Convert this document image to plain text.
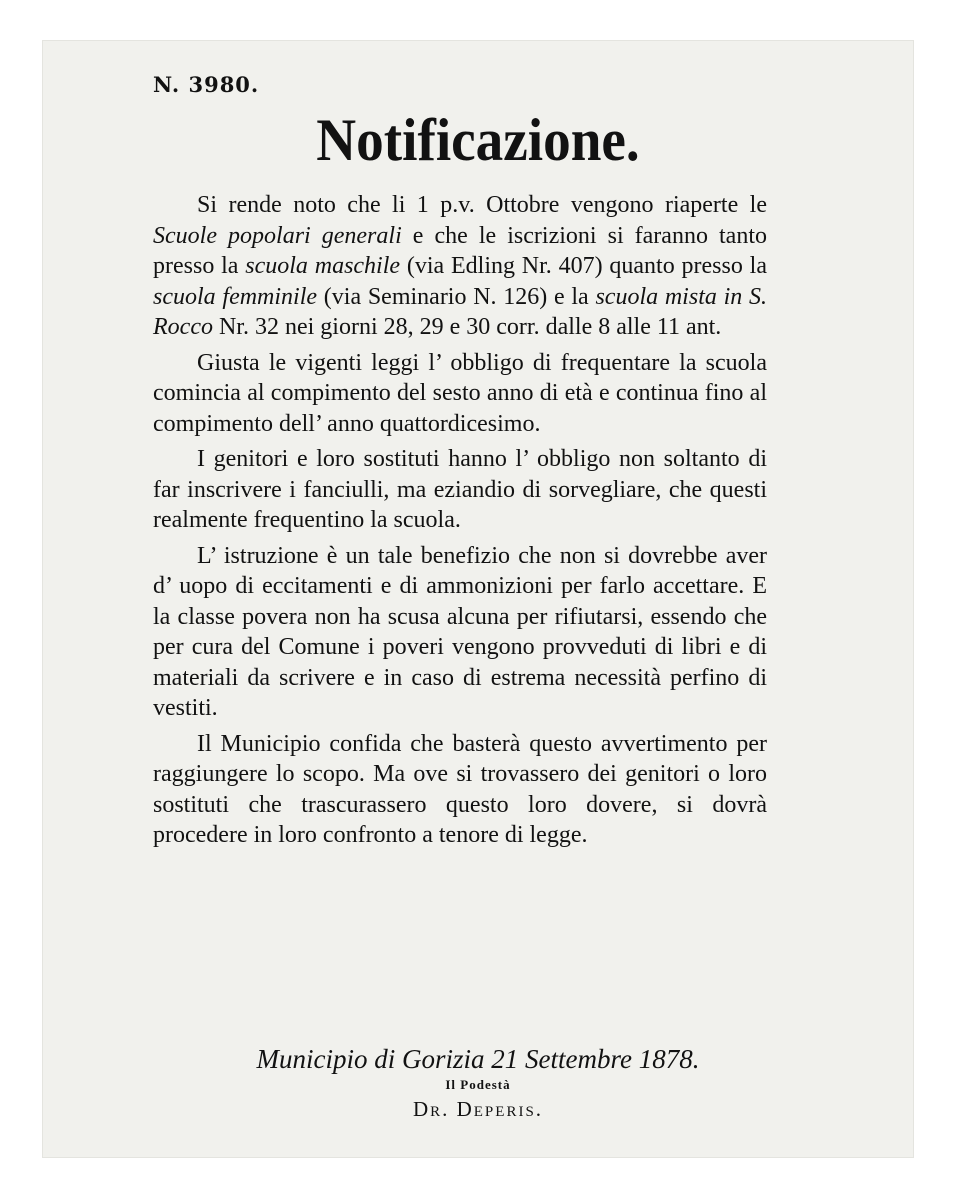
N. 3980.
Notificazione.

Si rende noto che li 1 p.v. Ottobre vengono riaperte le Scuole popolari generali e che le iscrizioni si faranno tanto presso la scuola maschile (via Edling Nr. 407) quanto presso la scuola femminile (via Seminario N. 126) e la scuola mista in S. Rocco Nr. 32 nei giorni 28, 29 e 30 corr. dalle 8 alle 11 ant.

Giusta le vigenti leggi l’ obbligo di frequentare la scuola comincia al compimento del sesto anno di età e continua fino al compimento dell’ anno quattordicesimo.

I genitori e loro sostituti hanno l’ obbligo non soltanto di far inscrivere i fanciulli, ma eziandio di sorvegliare, che questi realmente frequentino la scuola.

L’ istruzione è un tale benefizio che non si dovrebbe aver d’ uopo di eccitamenti e di ammonizioni per farlo accettare. E la classe povera non ha scusa alcuna per rifiutarsi, essendo che per cura del Comune i poveri vengono provveduti di libri e di materiali da scrivere e in caso di estrema necessità perfino di vestiti.

Il Municipio confida che basterà questo avvertimento per raggiungere lo scopo. Ma ove si trovassero dei genitori o loro sostituti che trascurassero questo loro dovere, si dovrà procedere in loro confronto a tenore di legge.

Municipio di Gorizia 21 Settembre 1878.
Il Podestà
Dr. Deperis.
